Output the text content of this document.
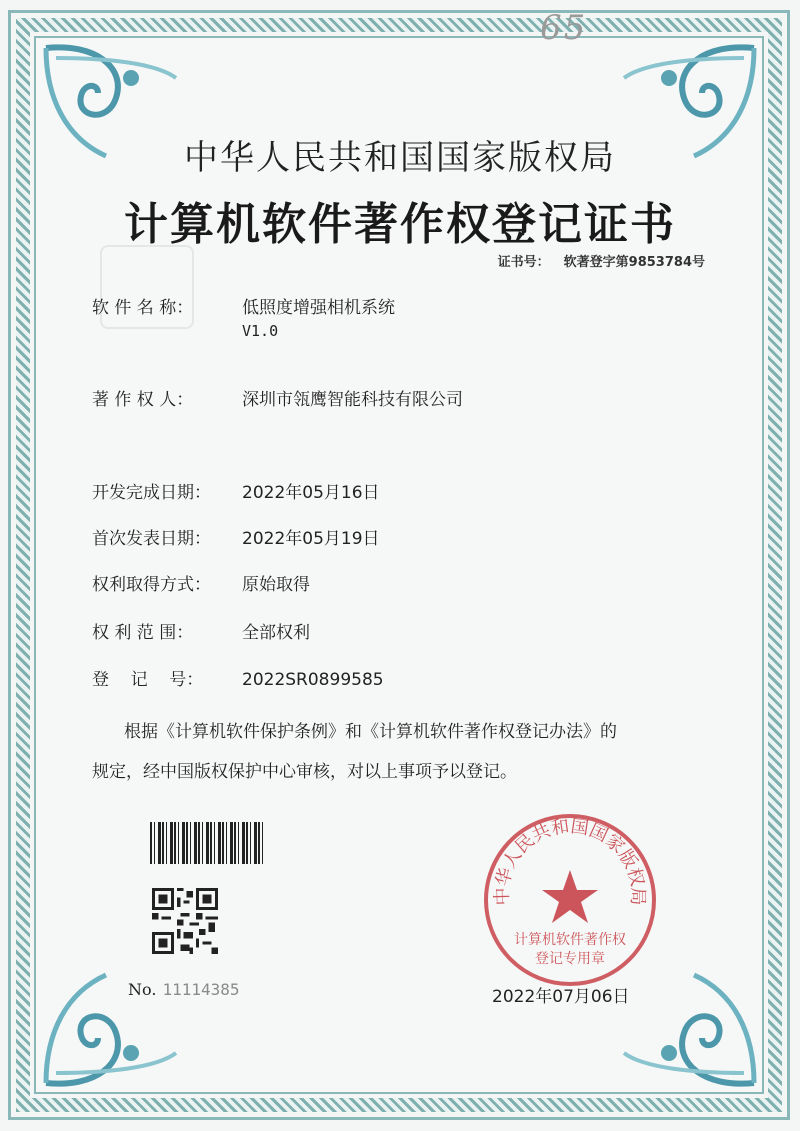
65
中华人民共和国国家版权局
计算机软件著作权登记证书
证书号： 软著登字第9853784号
软 件 名 称：	低照度增强相机系统
V1.0
著 作 权 人：	深圳市瓴鹰智能科技有限公司
开发完成日期： 2022年05月16日
首次发表日期： 2022年05月19日
权利取得方式： 原始取得
权 利 范 围：	全部权利
登    记    号： 2022SR0899585
根据《计算机软件保护条例》和《计算机软件著作权登记办法》的
规定，经中国版权保护中心审核，对以上事项予以登记。
No. 11114385
中华人民共和国国家版权局
计算机软件著作权
登记专用章
2022年07月06日
